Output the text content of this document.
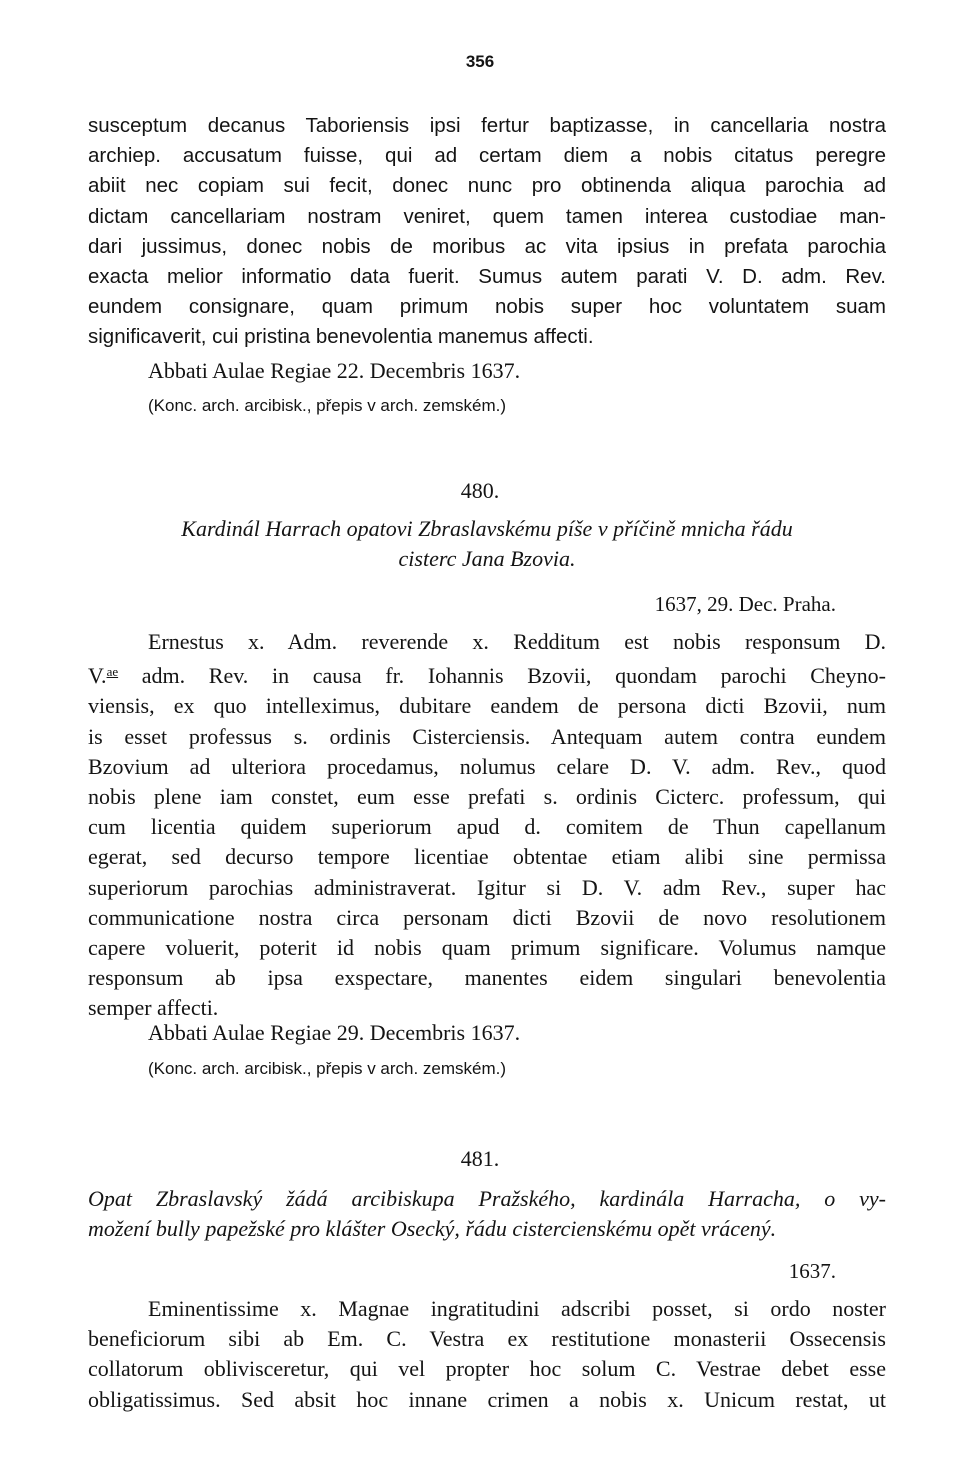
356
susceptum decanus Taboriensis ipsi fertur baptizasse, in cancellaria nostra
archiep. accusatum fuisse, qui ad certam diem a nobis citatus peregre
abiit nec copiam sui fecit, donec nunc pro obtinenda aliqua parochia ad
dictam cancellariam nostram veniret, quem tamen interea custodiae man-
dari jussimus, donec nobis de moribus ac vita ipsius in prefata parochia
exacta melior informatio data fuerit. Sumus autem parati V. D. adm. Rev.
eundem consignare, quam primum nobis super hoc voluntatem suam
significaverit, cui pristina benevolentia manemus affecti.

Abbati Aulae Regiae 22. Decembris 1637.

(Konc. arch. arcibisk., přepis v arch. zemském.)

480.

Kardinál Harrach opatovi Zbraslavskému píše v příčině mnicha řádu
cisterc Jana Bzovia.

1637, 29. Dec. Praha.

Ernestus x. Adm. reverende x. Redditum est nobis responsum D.
V.$^{ae}$ adm. Rev. in causa fr. Iohannis Bzovii, quondam parochi Cheyno-
viensis, ex quo intelleximus, dubitare eandem de persona dicti Bzovii, num
is esset professus s. ordinis Cisterciensis. Antequam autem contra eundem
Bzovium ad ulteriora procedamus, nolumus celare D. V. adm. Rev., quod
nobis plene iam constet, eum esse prefati s. ordinis Cicterc. professum, qui
cum licentia quidem superiorum apud d. comitem de Thun capellanum
egerat, sed decurso tempore licentiae obtentae etiam alibi sine permissa
superiorum parochias administraverat. Igitur si D. V. adm Rev., super hac
communicatione nostra circa personam dicti Bzovii de novo resolutionem
capere voluerit, poterit id nobis quam primum significare. Volumus namque
responsum ab ipsa exspectare, manentes eidem singulari benevolentia
semper affecti.

Abbati Aulae Regiae 29. Decembris 1637.

(Konc. arch. arcibisk., přepis v arch. zemském.)

481.

Opat Zbraslavský žádá arcibiskupa Pražského, kardinála Harracha, o vy-
možení bully papežské pro klášter Osecký, řádu cistercienskému opět vrácený.

1637.

Eminentissime x. Magnae ingratitudini adscribi posset, si ordo noster
beneficiorum sibi ab Em. C. Vestra ex restitutione monasterii Ossecensis
collatorum oblivisceretur, qui vel propter hoc solum C. Vestrae debet esse
obligatissimus. Sed absit hoc innane crimen a nobis x. Unicum restat, ut
